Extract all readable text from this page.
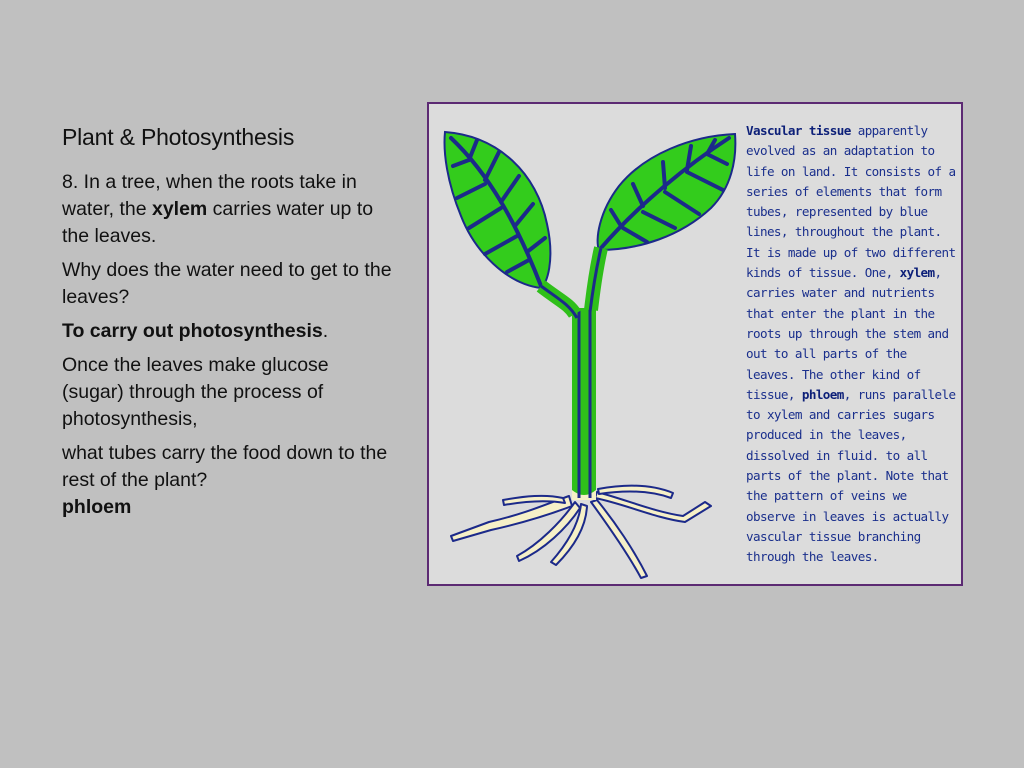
Plant & Photosynthesis

8. In a tree, when the roots take in water, the xylem carries water up to the leaves.

Why does the water need to get to the leaves?

To carry out photosynthesis.

Once the leaves make glucose (sugar) through the process of photosynthesis,

what tubes carry the food down to the rest of the plant?
phloem

Vascular tissue apparently evolved as an adaptation to life on land. It consists of a series of elements that form tubes, represented by blue lines, throughout the plant. It is made up of two different kinds of tissue. One, xylem, carries water and nutrients that enter the plant in the roots up through the stem and out to all parts of the leaves. The other kind of tissue, phloem, runs parallele to xylem and carries sugars produced in the leaves, dissolved in fluid. to all parts of the plant. Note that the pattern of veins we observe in leaves is actually vascular tissue branching through the leaves.
